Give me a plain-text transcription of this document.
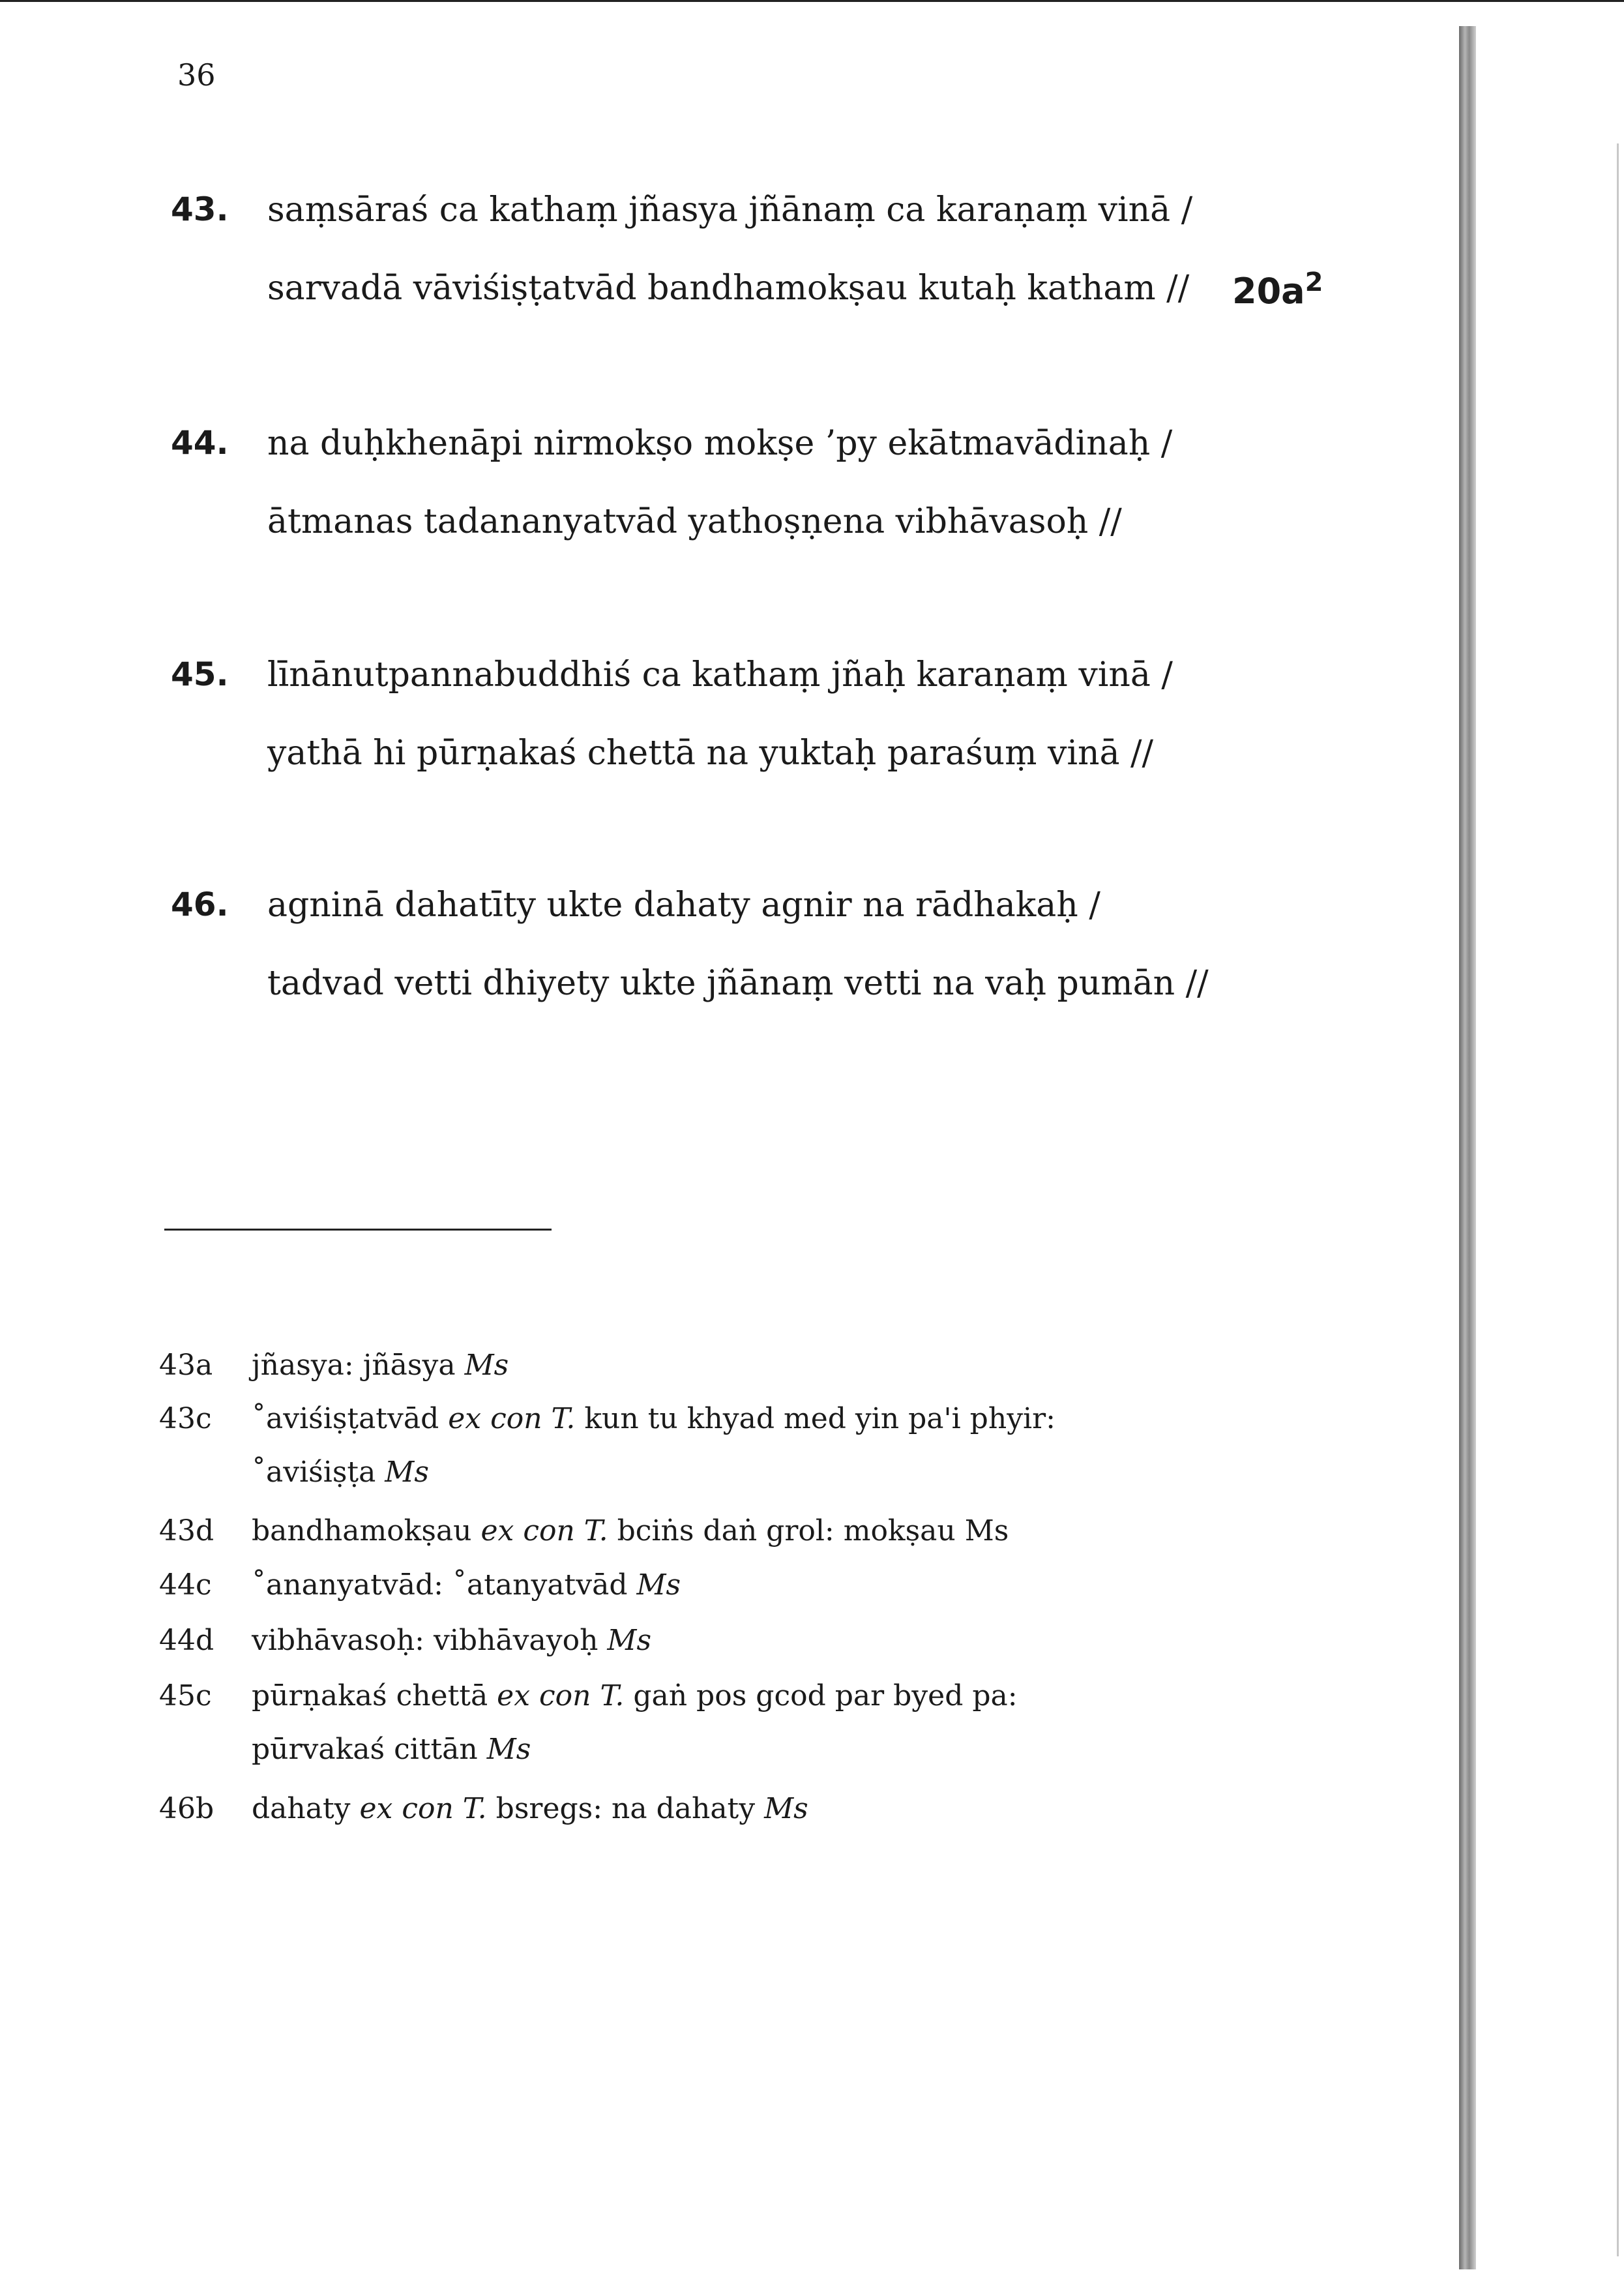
36
43. saṃsāraś ca kathaṃ jñasya jñānaṃ ca karaṇaṃ vinā /
sarvadā vāviśiṣṭatvād bandhamokṣau kutaḥ katham // $20a^2$
44. na duḥkhenāpi nirmokṣo mokṣe ’py ekātmavādinaḥ /
ātmanas tadananyatvād yathoṣṇena vibhāvasoḥ //
45. līnānutpannabuddhiś ca kathaṃ jñaḥ karaṇaṃ vinā /
yathā hi pūrṇakaś chettā na yuktaḥ paraśuṃ vinā //
46. agninā dahatīty ukte dahaty agnir na rādhakaḥ /
tadvad vetti dhiyety ukte jñānaṃ vetti na vaḥ pumān //
43a jñasya: jñāsya Ms
43c ˚aviśiṣṭatvād ex con T. kun tu khyad med yin pa'i phyir:
˚aviśiṣṭa Ms
43d bandhamokṣau ex con T. bciṅs daṅ grol: mokṣau Ms
44c ˚ananyatvād: ˚atanyatvād Ms
44d vibhāvasoḥ: vibhāvayoḥ Ms
45c pūrṇakaś chettā ex con T. gaṅ pos gcod par byed pa:
pūrvakaś cittān Ms
46b dahaty ex con T. bsregs: na dahaty Ms
